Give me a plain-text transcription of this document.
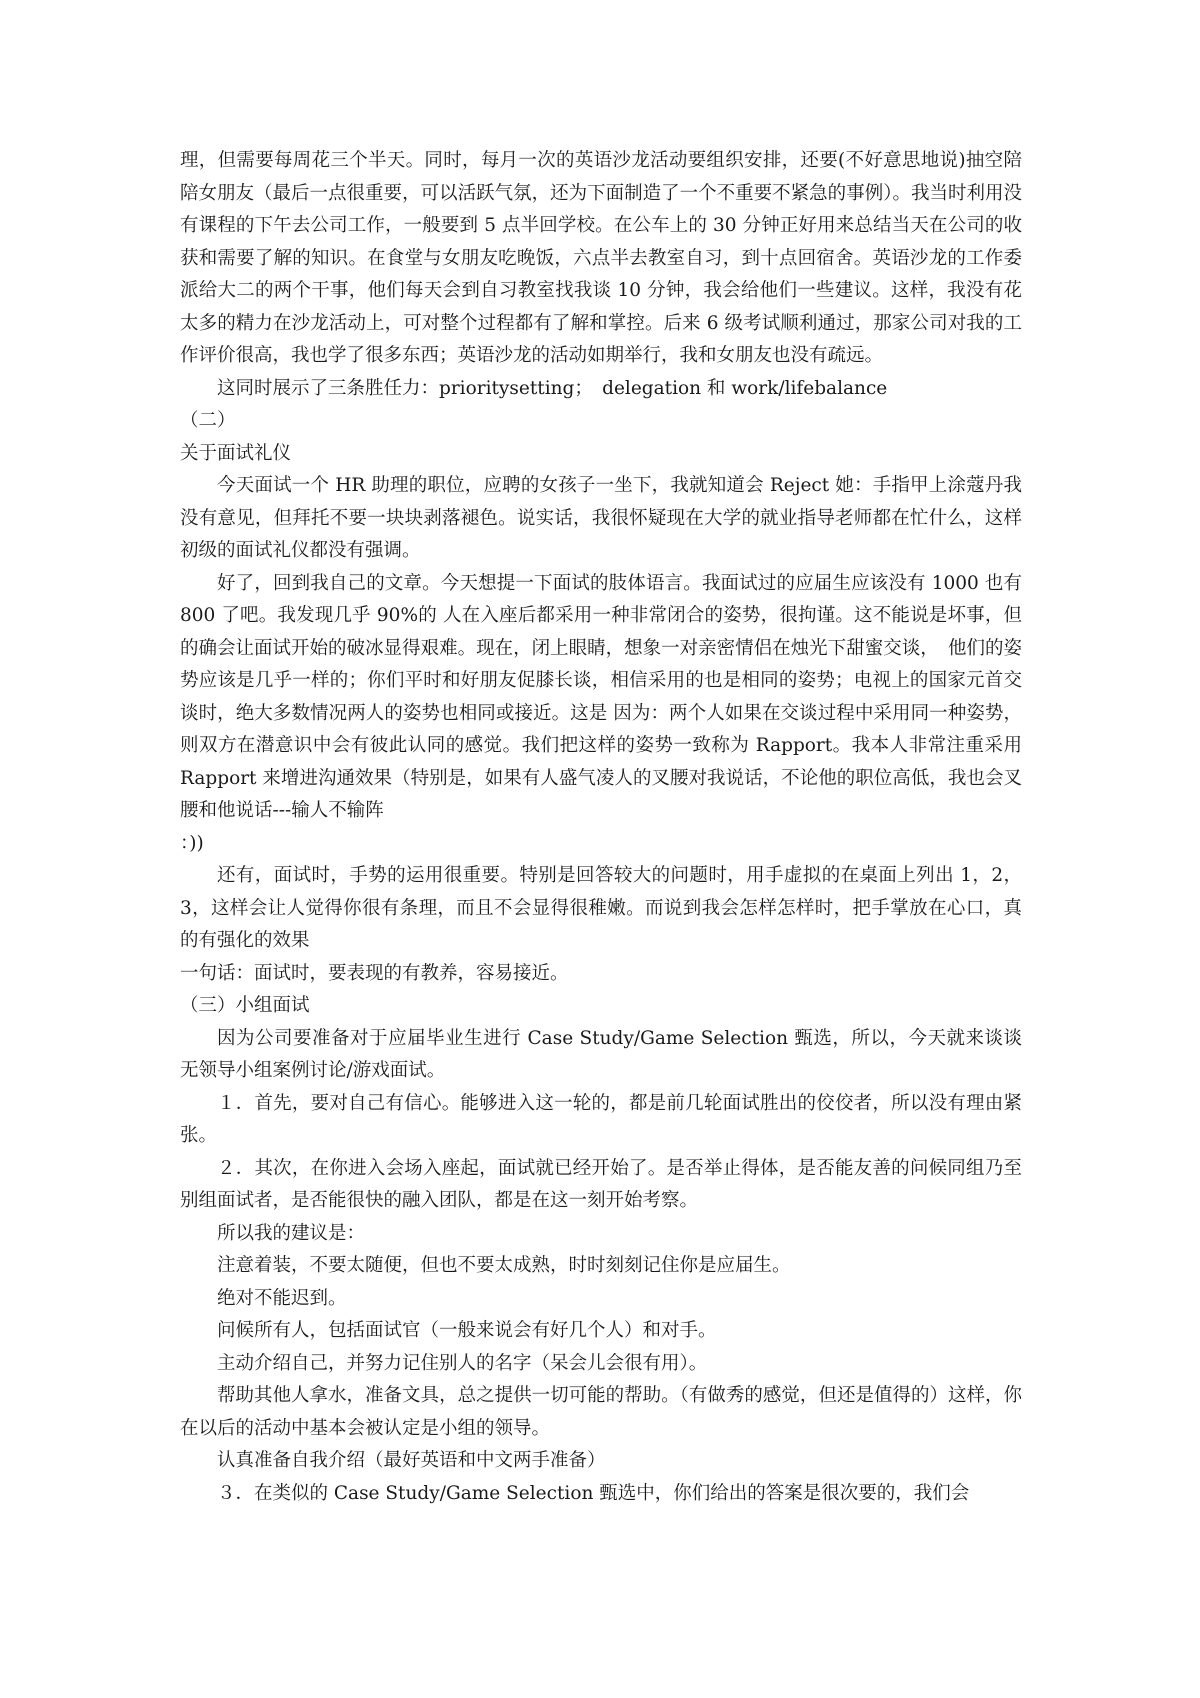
理，但需要每周花三个半天。同时，每月一次的英语沙龙活动要组织安排，还要(不好意思地说)抽空陪陪女朋友（最后一点很重要，可以活跃气氛，还为下面制造了一个不重要不紧急的事例）。我当时利用没有课程的下午去公司工作，一般要到 5 点半回学校。在公车上的 30 分钟正好用来总结当天在公司的收获和需要了解的知识。在食堂与女朋友吃晚饭，六点半去教室自习，到十点回宿舍。英语沙龙的工作委派给大二的两个干事，他们每天会到自习教室找我谈 10 分钟，我会给他们一些建议。这样，我没有花太多的精力在沙龙活动上，可对整个过程都有了解和掌控。后来 6 级考试顺利通过，那家公司对我的工作评价很高，我也学了很多东西；英语沙龙的活动如期举行，我和女朋友也没有疏远。

这同时展示了三条胜任力：prioritysetting；　delegation 和 work/lifebalance

（二）

关于面试礼仪

今天面试一个 HR 助理的职位，应聘的女孩子一坐下，我就知道会 Reject 她：手指甲上涂蔻丹我没有意见，但拜托不要一块块剥落褪色。说实话，我很怀疑现在大学的就业指导老师都在忙什么，这样初级的面试礼仪都没有强调。

好了，回到我自己的文章。今天想提一下面试的肢体语言。我面试过的应届生应该没有 1000 也有 800 了吧。我发现几乎 90%的 人在入座后都采用一种非常闭合的姿势，很拘谨。这不能说是坏事，但的确会让面试开始的破冰显得艰难。现在，闭上眼睛，想象一对亲密情侣在烛光下甜蜜交谈，　他们的姿势应该是几乎一样的；你们平时和好朋友促膝长谈，相信采用的也是相同的姿势；电视上的国家元首交谈时，绝大多数情况两人的姿势也相同或接近。这是 因为：两个人如果在交谈过程中采用同一种姿势，则双方在潜意识中会有彼此认同的感觉。我们把这样的姿势一致称为 Rapport。我本人非常注重采用 Rapport 来增进沟通效果（特别是，如果有人盛气凌人的叉腰对我说话，不论他的职位高低，我也会叉腰和他说话---输人不输阵

：))

还有，面试时，手势的运用很重要。特别是回答较大的问题时，用手虚拟的在桌面上列出 1，2，3，这样会让人觉得你很有条理，而且不会显得很稚嫩。而说到我会怎样怎样时，把手掌放在心口，真的有强化的效果

一句话：面试时，要表现的有教养，容易接近。

（三）小组面试

因为公司要准备对于应届毕业生进行 Case Study/Game Selection 甄选，所以，今天就来谈谈无领导小组案例讨论/游戏面试。

１．首先，要对自己有信心。能够进入这一轮的，都是前几轮面试胜出的佼佼者，所以没有理由紧张。

２．其次，在你进入会场入座起，面试就已经开始了。是否举止得体，是否能友善的问候同组乃至别组面试者，是否能很快的融入团队，都是在这一刻开始考察。

所以我的建议是：

注意着装，不要太随便，但也不要太成熟，时时刻刻记住你是应届生。

绝对不能迟到。

问候所有人，包括面试官（一般来说会有好几个人）和对手。

主动介绍自己，并努力记住别人的名字（呆会儿会很有用）。

帮助其他人拿水，准备文具，总之提供一切可能的帮助。（有做秀的感觉，但还是值得的）这样，你在以后的活动中基本会被认定是小组的领导。

认真准备自我介绍（最好英语和中文两手准备）

３．在类似的 Case Study/Game Selection 甄选中，你们给出的答案是很次要的，我们会
